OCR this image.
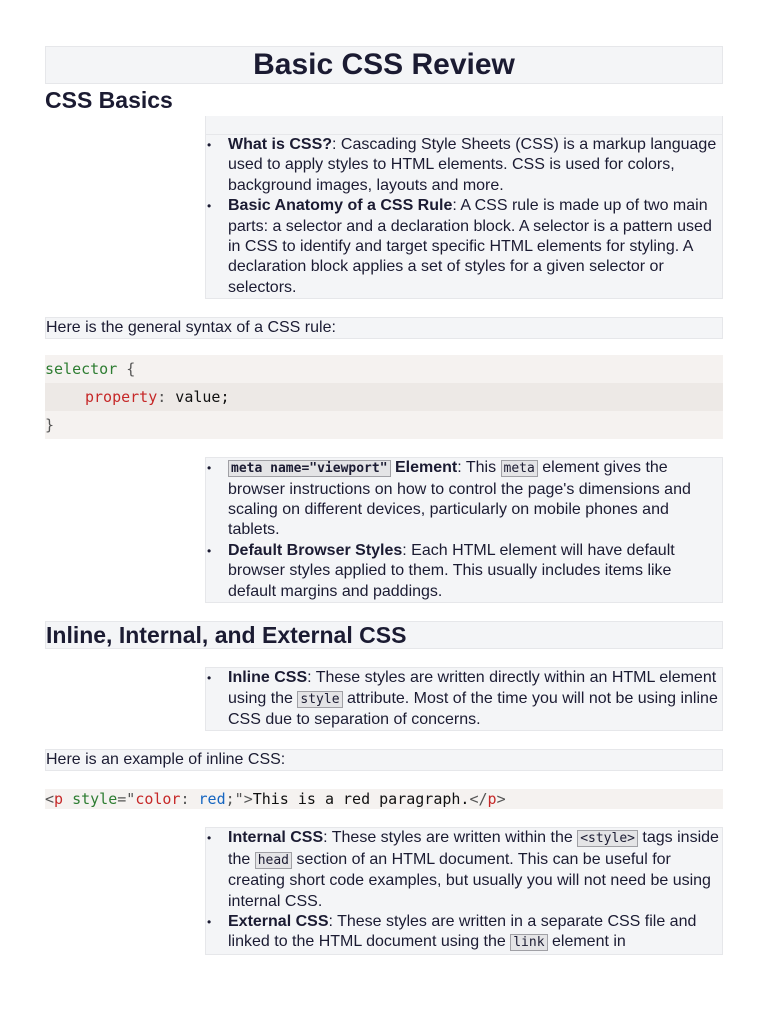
Basic CSS Review
CSS Basics
• What is CSS?: Cascading Style Sheets (CSS) is a markup language used to apply styles to HTML elements. CSS is used for colors, background images, layouts and more.
• Basic Anatomy of a CSS Rule: A CSS rule is made up of two main parts: a selector and a declaration block. A selector is a pattern used in CSS to identify and target specific HTML elements for styling. A declaration block applies a set of styles for a given selector or selectors.
Here is the general syntax of a CSS rule:
selector {
property: value;
}
• meta name="viewport" Element: This meta element gives the browser instructions on how to control the page's dimensions and scaling on different devices, particularly on mobile phones and tablets.
• Default Browser Styles: Each HTML element will have default browser styles applied to them. This usually includes items like default margins and paddings.
Inline, Internal, and External CSS
• Inline CSS: These styles are written directly within an HTML element using the style attribute. Most of the time you will not be using inline CSS due to separation of concerns.
Here is an example of inline CSS:
<p style="color: red;">This is a red paragraph.</p>
• Internal CSS: These styles are written within the <style> tags inside the head section of an HTML document. This can be useful for creating short code examples, but usually you will not need be using internal CSS.
• External CSS: These styles are written in a separate CSS file and linked to the HTML document using the link element in
